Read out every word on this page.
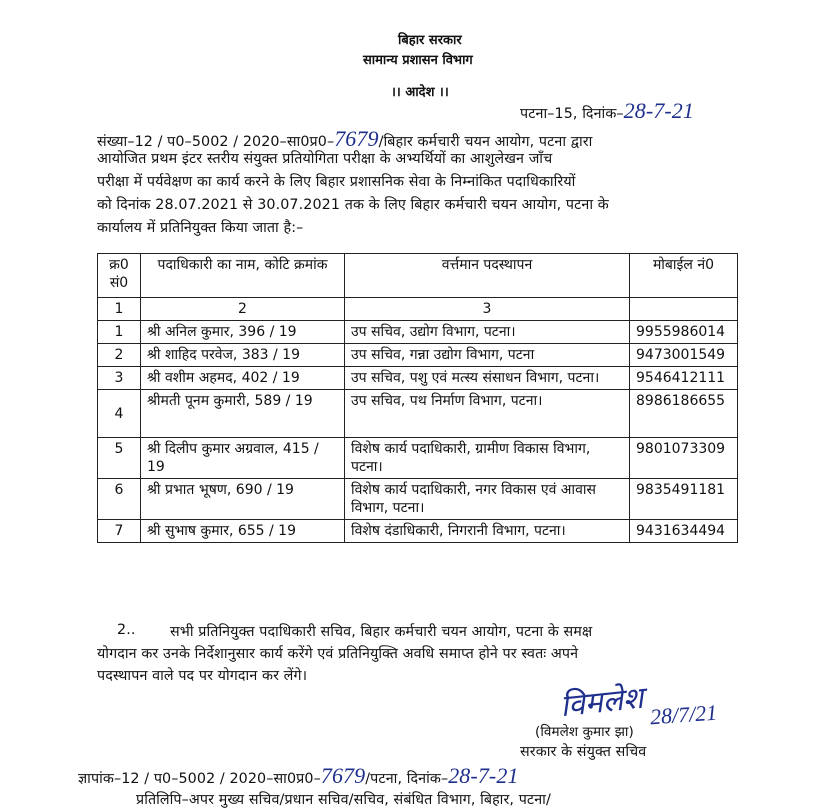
बिहार सरकार
सामान्य प्रशासन विभाग
।। आदेश ।।
पटना–15, दिनांक–28-7-21
संख्या–12 / प0–5002 / 2020–सा0प्र0–7679/बिहार कर्मचारी चयन आयोग, पटना द्वारा
आयोजित प्रथम इंटर स्तरीय संयुक्त प्रतियोगिता परीक्षा के अभ्यर्थियों का आशुलेखन जाँच
परीक्षा में पर्यवेक्षण का कार्य करने के लिए बिहार प्रशासनिक सेवा के निम्नांकित पदाधिकारियों
को दिनांक 28.07.2021 से 30.07.2021 तक के लिए बिहार कर्मचारी चयन आयोग, पटना के
कार्यालय में प्रतिनियुक्त किया जाता है:–
क्र0 सं0	पदाधिकारी का नाम, कोटि क्रमांक	वर्त्तमान पदस्थापन	मोबाईल नं0
1	2	3	
1	श्री अनिल कुमार, 396 / 19	उप सचिव, उद्योग विभाग, पटना।	9955986014
2	श्री शाहिद परवेज, 383 / 19	उप सचिव, गन्ना उद्योग विभाग, पटना	9473001549
3	श्री वशीम अहमद, 402 / 19	उप सचिव, पशु एवं मत्स्य संसाधन विभाग, पटना।	9546412111
4	श्रीमती पूनम कुमारी, 589 / 19	उप सचिव, पथ निर्माण विभाग, पटना।	8986186655
5	श्री दिलीप कुमार अग्रवाल, 415 / 19	विशेष कार्य पदाधिकारी, ग्रामीण विकास विभाग, पटना।	9801073309
6	श्री प्रभात भूषण, 690 / 19	विशेष कार्य पदाधिकारी, नगर विकास एवं आवास विभाग, पटना।	9835491181
7	श्री सुभाष कुमार, 655 / 19	विशेष दंडाधिकारी, निगरानी विभाग, पटना।	9431634494
2.. सभी प्रतिनियुक्त पदाधिकारी सचिव, बिहार कर्मचारी चयन आयोग, पटना के समक्ष
योगदान कर उनके निर्देशानुसार कार्य करेंगे एवं प्रतिनियुक्ति अवधि समाप्त होने पर स्वतः अपने
पदस्थापन वाले पद पर योगदान कर लेंगे।
विमलेश 28/7/21
(विमलेश कुमार झा)
सरकार के संयुक्त सचिव
ज्ञापांक–12 / प0–5002 / 2020–सा0प्र0–7679/पटना, दिनांक–28-7-21
प्रतिलिपि–अपर मुख्य सचिव/प्रधान सचिव/सचिव, संबंधित विभाग, बिहार, पटना/
